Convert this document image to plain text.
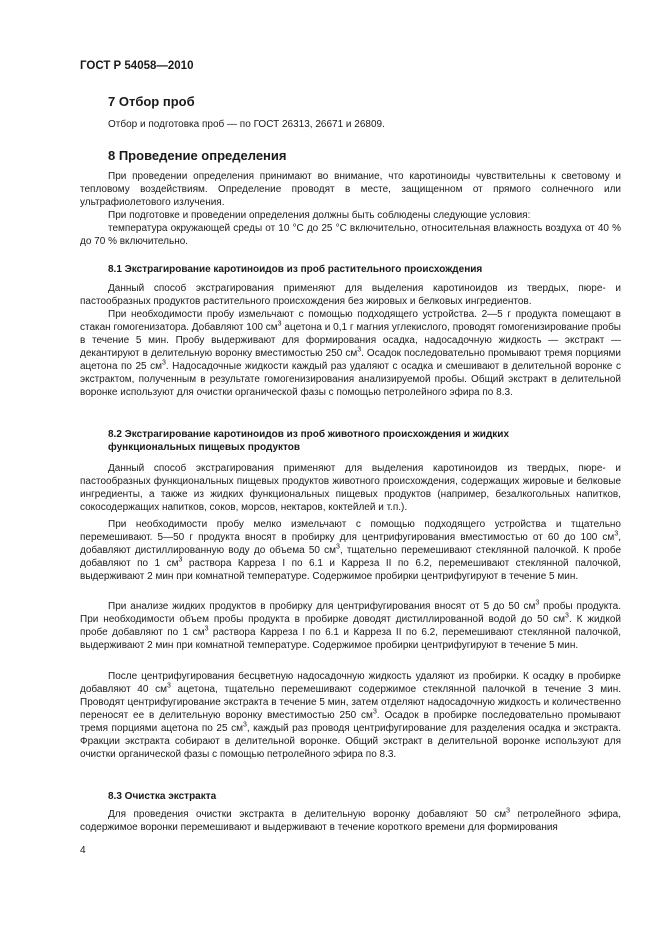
ГОСТ Р 54058—2010
7 Отбор проб
Отбор и подготовка проб — по ГОСТ 26313, 26671 и 26809.
8 Проведение определения
При проведении определения принимают во внимание, что каротиноиды чувствительны к световому и тепловому воздействиям. Определение проводят в месте, защищенном от прямого солнечного или ультрафиолетового излучения.
При подготовке и проведении определения должны быть соблюдены следующие условия:
температура окружающей среды от 10 °С до 25 °С включительно, относительная влажность воздуха от 40 % до 70 % включительно.
8.1 Экстрагирование каротиноидов из проб растительного происхождения
Данный способ экстрагирования применяют для выделения каротиноидов из твердых, пюре- и пастообразных продуктов растительного происхождения без жировых и белковых ингредиентов.
При необходимости пробу измельчают с помощью подходящего устройства. 2—5 г продукта помещают в стакан гомогенизатора. Добавляют 100 $см^3$ ацетона и 0,1 г магния углекислого, проводят гомогенизирование пробы в течение 5 мин. Пробу выдерживают для формирования осадка, надосадочную жидкость — экстракт — декантируют в делительную воронку вместимостью 250 $см^3$. Осадок последовательно промывают тремя порциями ацетона по 25 $см^3$. Надосадочные жидкости каждый раз удаляют с осадка и смешивают в делительной воронке с экстрактом, полученным в результате гомогенизирования анализируемой пробы. Общий экстракт в делительной воронке используют для очистки органической фазы с помощью петролейного эфира по 8.3.
8.2 Экстрагирование каротиноидов из проб животного происхождения и жидких
функциональных пищевых продуктов
Данный способ экстрагирования применяют для выделения каротиноидов из твердых, пюре- и пастообразных функциональных пищевых продуктов животного происхождения, содержащих жировые и белковые ингредиенты, а также из жидких функциональных пищевых продуктов (например, безалкогольных напитков, сокосодержащих напитков, соков, морсов, нектаров, коктейлей и т.п.).
При необходимости пробу мелко измельчают с помощью подходящего устройства и тщательно перемешивают. 5—50 г продукта вносят в пробирку для центрифугирования вместимостью от 60 до 100 $см^3$, добавляют дистиллированную воду до объема 50 $см^3$, тщательно перемешивают стеклянной палочкой. К пробе добавляют по 1 $см^3$ раствора Карреза I по 6.1 и Карреза II по 6.2, перемешивают стеклянной палочкой, выдерживают 2 мин при комнатной температуре. Содержимое пробирки центрифугируют в течение 5 мин.
При анализе жидких продуктов в пробирку для центрифугирования вносят от 5 до 50 $см^3$ пробы продукта. При необходимости объем пробы продукта в пробирке доводят дистиллированной водой до 50 $см^3$. К жидкой пробе добавляют по 1 $см^3$ раствора Карреза I по 6.1 и Карреза II по 6.2, перемешивают стеклянной палочкой, выдерживают 2 мин при комнатной температуре. Содержимое пробирки центрифугируют в течение 5 мин.
После центрифугирования бесцветную надосадочную жидкость удаляют из пробирки. К осадку в пробирке добавляют 40 $см^3$ ацетона, тщательно перемешивают содержимое стеклянной палочкой в течение 3 мин. Проводят центрифугирование экстракта в течение 5 мин, затем отделяют надосадочную жидкость и количественно переносят ее в делительную воронку вместимостью 250 $см^3$. Осадок в пробирке последовательно промывают тремя порциями ацетона по 25 $см^3$, каждый раз проводя центрифугирование для разделения осадка и экстракта. Фракции экстракта собирают в делительной воронке. Общий экстракт в делительной воронке используют для очистки органической фазы с помощью петролейного эфира по 8.3.
8.3 Очистка экстракта
Для проведения очистки экстракта в делительную воронку добавляют 50 $см^3$ петролейного эфира, содержимое воронки перемешивают и выдерживают в течение короткого времени для формирования
4
